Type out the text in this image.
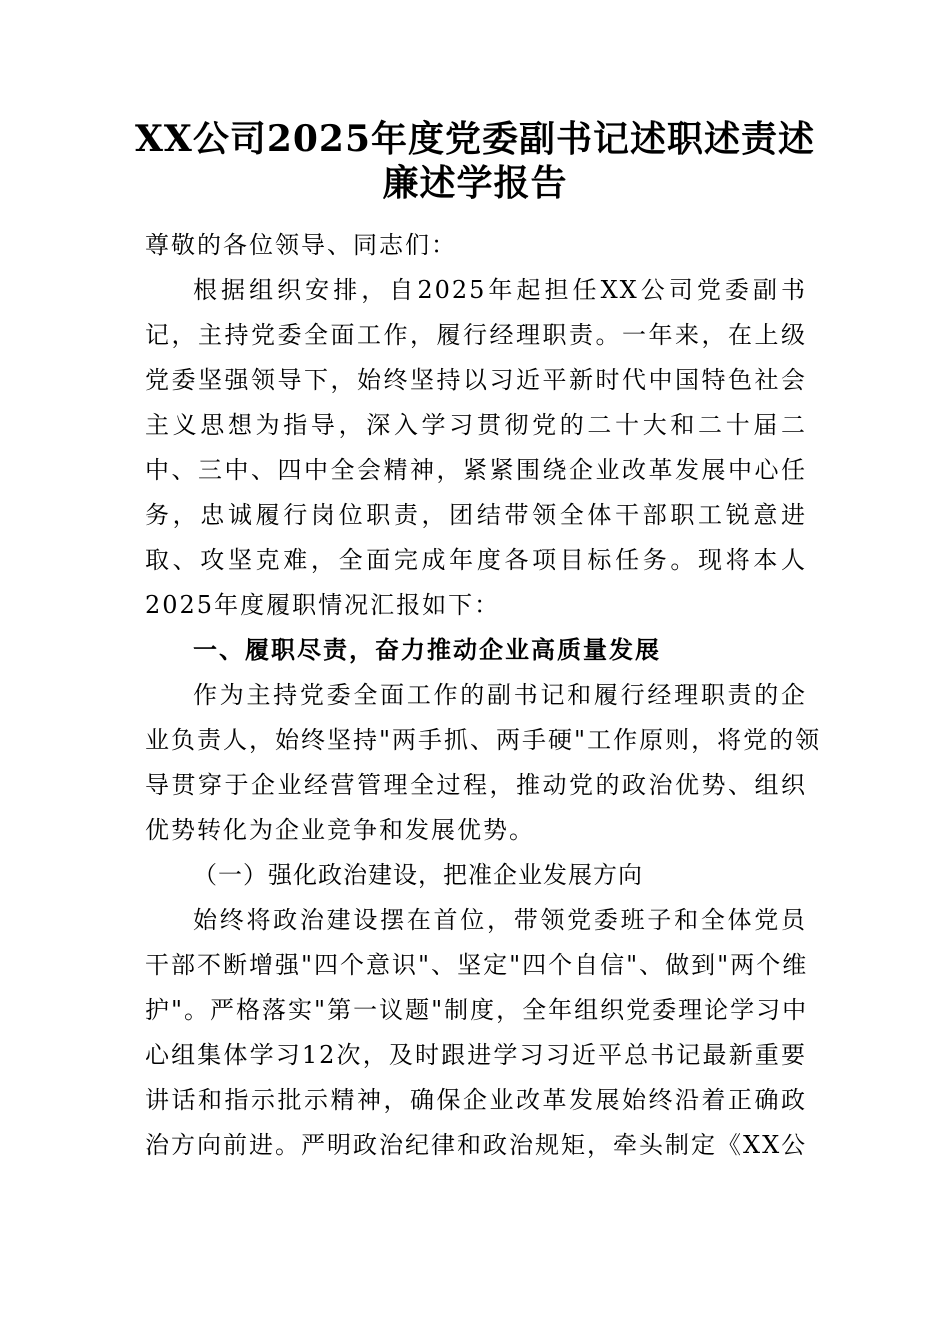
XX公司2025年度党委副书记述职述责述
廉述学报告
尊敬的各位领导、同志们：
根据组织安排，自2025年起担任XX公司党委副书
记，主持党委全面工作，履行经理职责。一年来，在上级
党委坚强领导下，始终坚持以习近平新时代中国特色社会
主义思想为指导，深入学习贯彻党的二十大和二十届二
中、三中、四中全会精神，紧紧围绕企业改革发展中心任
务，忠诚履行岗位职责，团结带领全体干部职工锐意进
取、攻坚克难，全面完成年度各项目标任务。现将本人
2025年度履职情况汇报如下：
一、履职尽责，奋力推动企业高质量发展
作为主持党委全面工作的副书记和履行经理职责的企
业负责人，始终坚持"两手抓、两手硬"工作原则，将党的领
导贯穿于企业经营管理全过程，推动党的政治优势、组织
优势转化为企业竞争和发展优势。
（一）强化政治建设，把准企业发展方向
始终将政治建设摆在首位，带领党委班子和全体党员
干部不断增强"四个意识"、坚定"四个自信"、做到"两个维
护"。严格落实"第一议题"制度，全年组织党委理论学习中
心组集体学习12次，及时跟进学习习近平总书记最新重要
讲话和指示批示精神，确保企业改革发展始终沿着正确政
治方向前进。严明政治纪律和政治规矩，牵头制定《XX公
